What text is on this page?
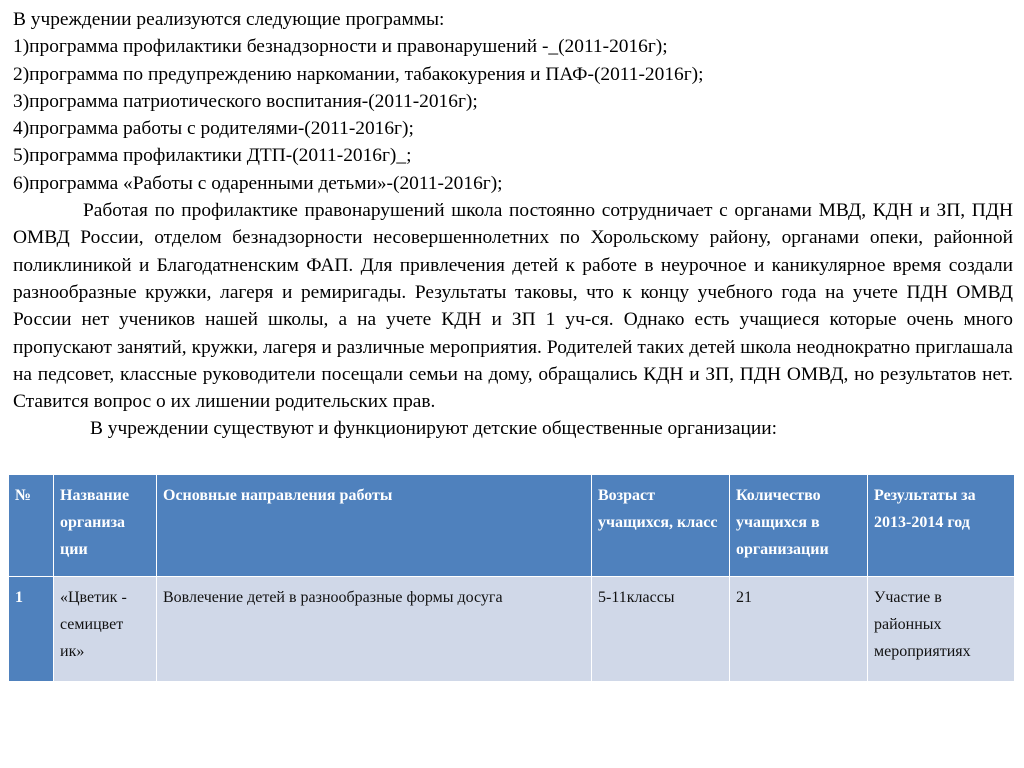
В учреждении реализуются следующие программы:
1)программа профилактики безнадзорности и правонарушений -_(2011-2016г);
2)программа по предупреждению наркомании, табакокурения и ПАФ-(2011-2016г);
3)программа патриотического воспитания-(2011-2016г);
4)программа работы с родителями-(2011-2016г);
5)программа профилактики ДТП-(2011-2016г)_;
6)программа «Работы с одаренными детьми»-(2011-2016г);

Работая по профилактике правонарушений школа постоянно сотрудничает с органами МВД, КДН и ЗП, ПДН ОМВД России, отделом безнадзорности несовершеннолетних по Хорольскому району, органами опеки, районной поликлиникой и Благодатненским ФАП. Для привлечения детей к работе в неурочное и каникулярное время создали разнообразные кружки, лагеря и ремиригады. Результаты таковы, что к концу учебного года на учете ПДН ОМВД России нет учеников нашей школы, а на учете КДН и ЗП 1 уч-ся. Однако есть учащиеся которые очень много пропускают занятий, кружки, лагеря и различные мероприятия. Родителей таких детей школа неоднократно приглашала на педсовет, классные руководители посещали семьи на дому, обращались КДН и ЗП, ПДН ОМВД, но результатов нет. Ставится вопрос о их лишении родительских прав.

В учреждении существуют и функционируют детские общественные организации:

№	Название организа ции	Основные направления работы	Возраст учащихся, класс	Количество учащихся в организации	Результаты за 2013-2014 год
1	«Цветик - семицвет ик»	Вовлечение детей в разнообразные формы досуга	5-11классы	21	Участие в районных мероприятиях
